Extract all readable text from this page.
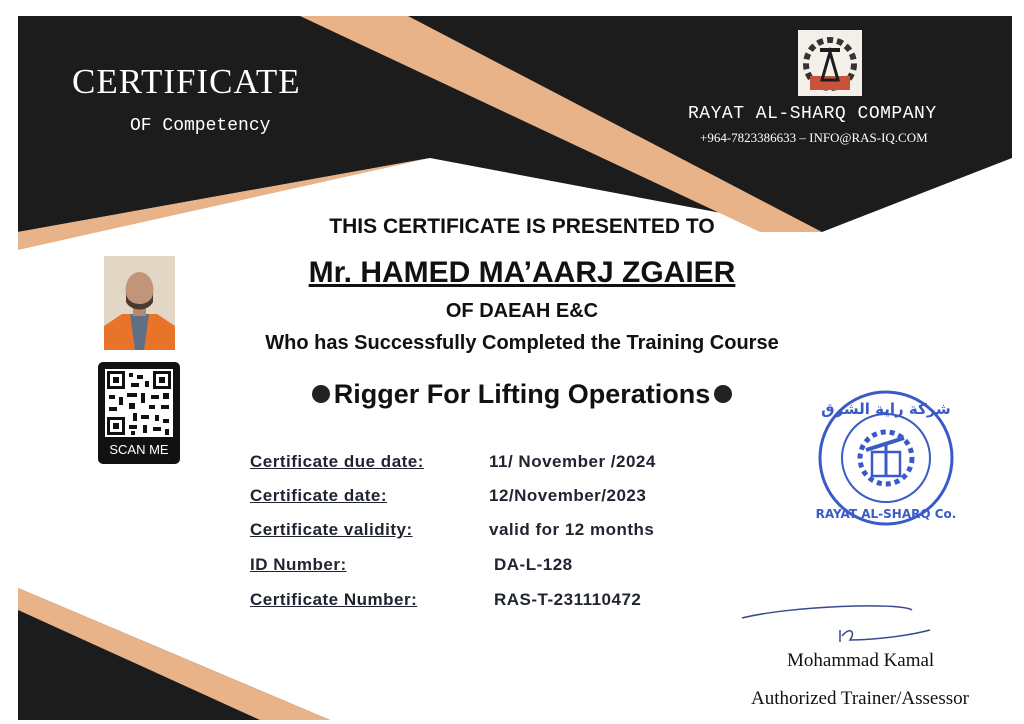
شركة راية الشرق
RAYAT AL-SHARQ Co.
CERTIFICATE
OF Competency
RAYAT AL-SHARQ COMPANY
+964-7823386633 – INFO@RAS-IQ.COM
THIS CERTIFICATE IS PRESENTED TO
Mr. HAMED MA’AARJ ZGAIER
OF DAEAH E&C
Who has Successfully Completed the Training Course
Rigger For Lifting Operations
SCAN ME
Certificate due date:	11/ November /2024
Certificate date:	12/November/2023
Certificate validity:	valid for 12 months
ID Number:	DA-L-128
Certificate Number:	RAS-T-231110472
Mohammad Kamal
Authorized Trainer/Assessor
